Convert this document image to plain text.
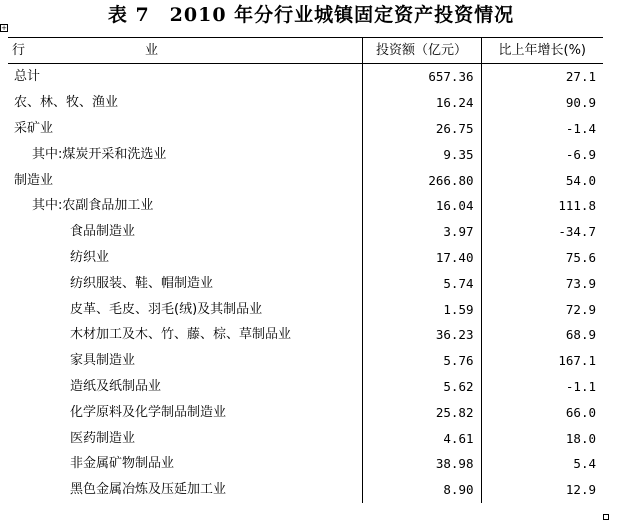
表 7　2010 年分行业城镇固定资产投资情况
+
行 业	投资额（亿元）	比上年增长(%)
总计	657.36	27.1
农、林、牧、渔业	16.24	90.9
采矿业	26.75	-1.4
其中:煤炭开采和洗选业	9.35	-6.9
制造业	266.80	54.0
其中:农副食品加工业	16.04	111.8
食品制造业	3.97	-34.7
纺织业	17.40	75.6
纺织服装、鞋、帽制造业	5.74	73.9
皮革、毛皮、羽毛(绒)及其制品业	1.59	72.9
木材加工及木、竹、藤、棕、草制品业	36.23	68.9
家具制造业	5.76	167.1
造纸及纸制品业	5.62	-1.1
化学原料及化学制品制造业	25.82	66.0
医药制造业	4.61	18.0
非金属矿物制品业	38.98	5.4
黑色金属冶炼及压延加工业	8.90	12.9
